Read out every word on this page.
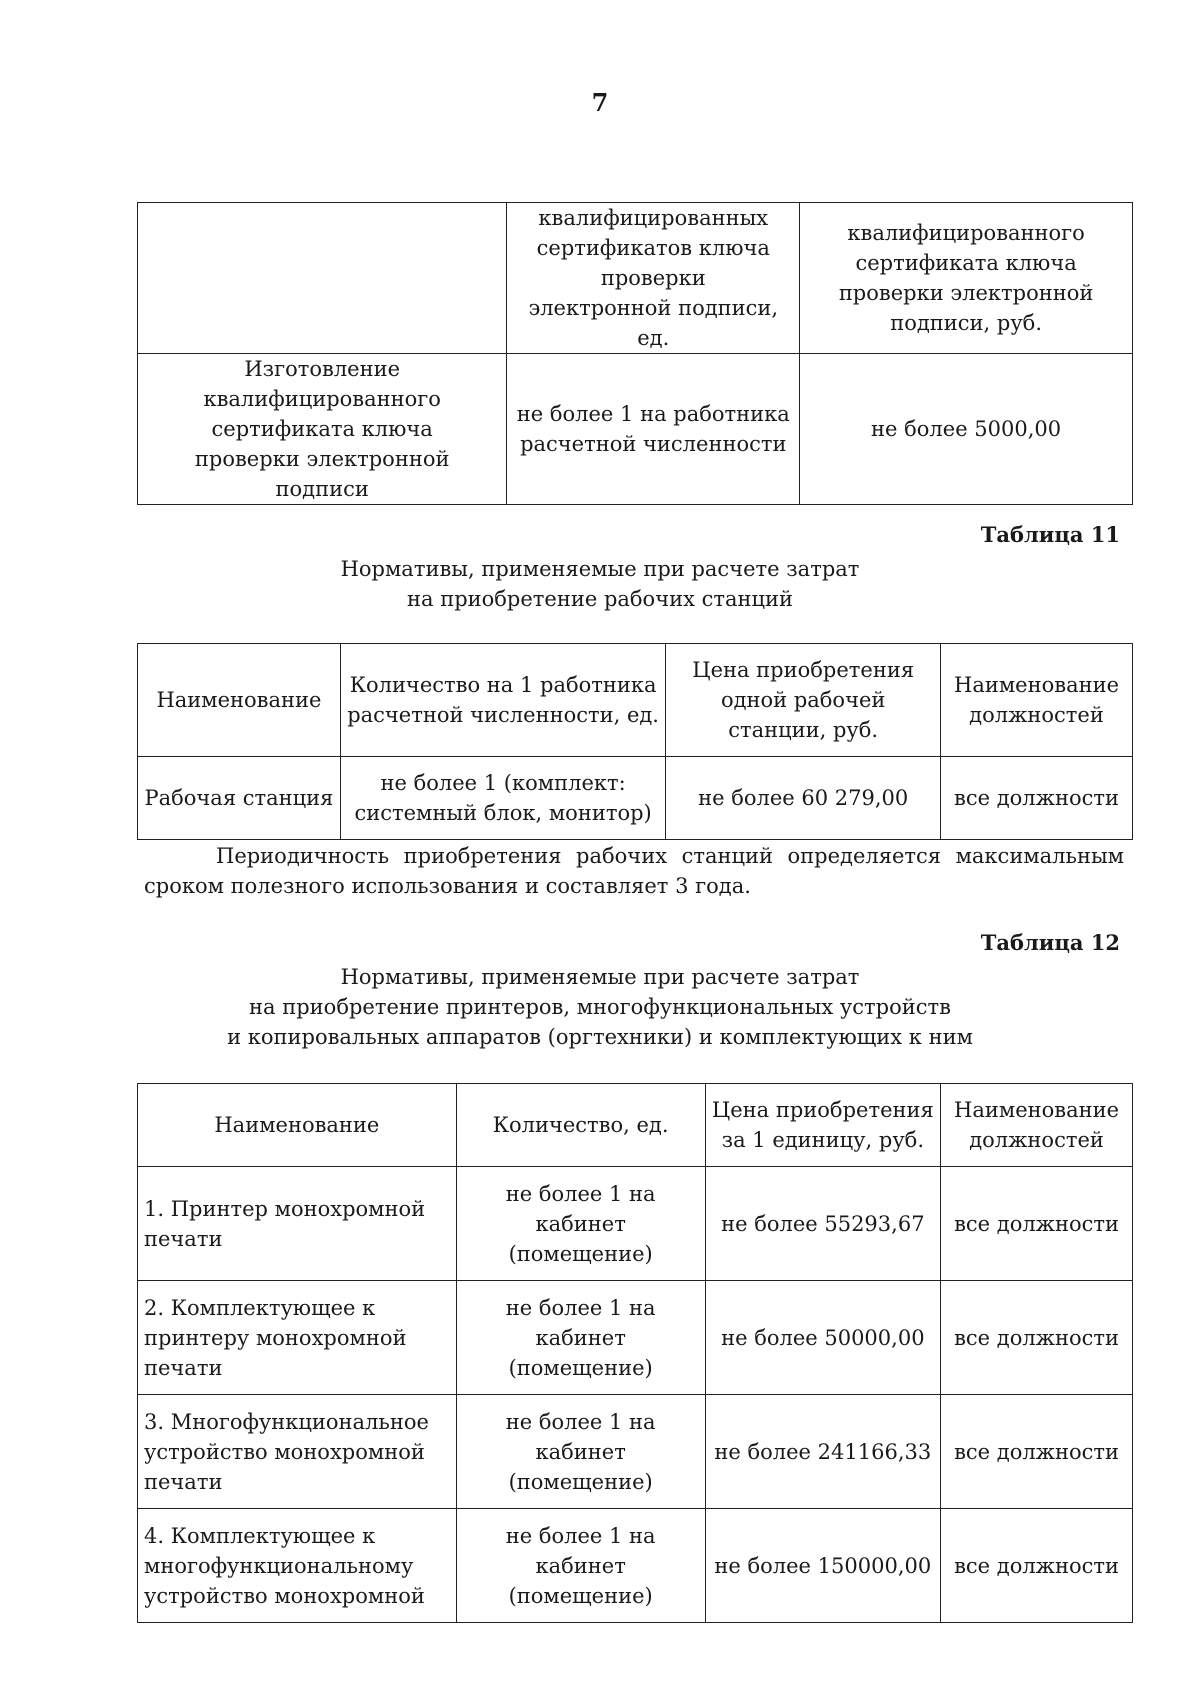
7
	квалифицированных сертификатов ключа проверки электронной подписи, ед.	квалифицированного сертификата ключа проверки электронной подписи, руб.
Изготовление квалифицированного сертификата ключа проверки электронной подписи	не более 1 на работника расчетной численности	не более 5000,00
Таблица 11
Нормативы, применяемые при расчете затрат
на приобретение рабочих станций
Наименование	Количество на 1 работника расчетной численности, ед.	Цена приобретения одной рабочей станции, руб.	Наименование должностей
Рабочая станция	не более 1 (комплект: системный блок, монитор)	не более 60 279,00	все должности
Периодичность приобретения рабочих станций определяется максимальным
сроком полезного использования и составляет 3 года.
Таблица 12
Нормативы, применяемые при расчете затрат
на приобретение принтеров, многофункциональных устройств
и копировальных аппаратов (оргтехники) и комплектующих к ним
Наименование	Количество, ед.	Цена приобретения за 1 единицу, руб.	Наименование должностей
1. Принтер монохромной печати	не более 1 на кабинет (помещение)	не более 55293,67	все должности
2. Комплектующее к принтеру монохромной печати	не более 1 на кабинет (помещение)	не более 50000,00	все должности
3. Многофункциональное устройство монохромной печати	не более 1 на кабинет (помещение)	не более 241166,33	все должности
4. Комплектующее к многофункциональному устройство монохромной	не более 1 на кабинет (помещение)	не более 150000,00	все должности
